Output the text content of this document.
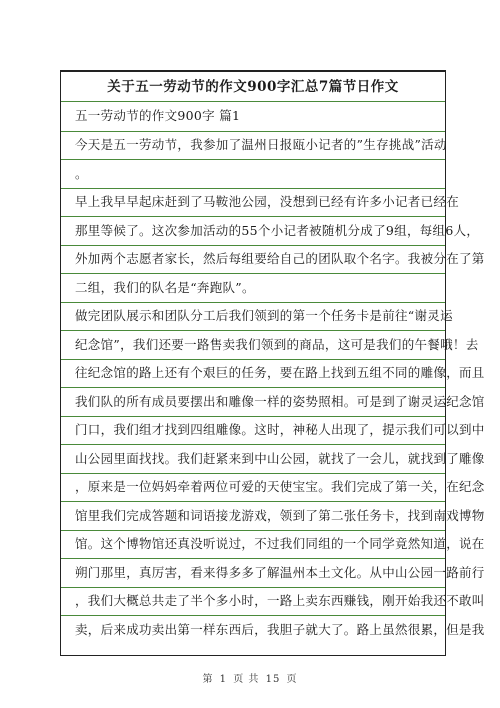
关于五一劳动节的作文900字汇总7篇节日作文
五一劳动节的作文900字 篇1
今天是五一劳动节，我参加了温州日报瓯小记者的”生存挑战”活动
。
早上我早早起床赶到了马鞍池公园，没想到已经有许多小记者已经在
那里等候了。这次参加活动的55个小记者被随机分成了9组，每组6人，
外加两个志愿者家长，然后每组要给自己的团队取个名字。我被分在了第
二组，我们的队名是“奔跑队”。
做完团队展示和团队分工后我们领到的第一个任务卡是前往“谢灵运
纪念馆”，我们还要一路售卖我们领到的商品，这可是我们的午餐哦！去
往纪念馆的路上还有个艰巨的任务，要在路上找到五组不同的雕像，而且
我们队的所有成员要摆出和雕像一样的姿势照相。可是到了谢灵运纪念馆
门口，我们组才找到四组雕像。这时，神秘人出现了，提示我们可以到中
山公园里面找找。我们赶紧来到中山公园，就找了一会儿，就找到了雕像
，原来是一位妈妈牵着两位可爱的天使宝宝。我们完成了第一关，在纪念
馆里我们完成答题和词语接龙游戏，领到了第二张任务卡，找到南戏博物
馆。这个博物馆还真没听说过，不过我们同组的一个同学竟然知道，说在
朔门那里，真厉害，看来得多多了解温州本土文化。从中山公园一路前行
，我们大概总共走了半个多小时，一路上卖东西赚钱，刚开始我还不敢叫
卖，后来成功卖出第一样东西后，我胆子就大了。路上虽然很累，但是我
第 1 页 共 15 页
